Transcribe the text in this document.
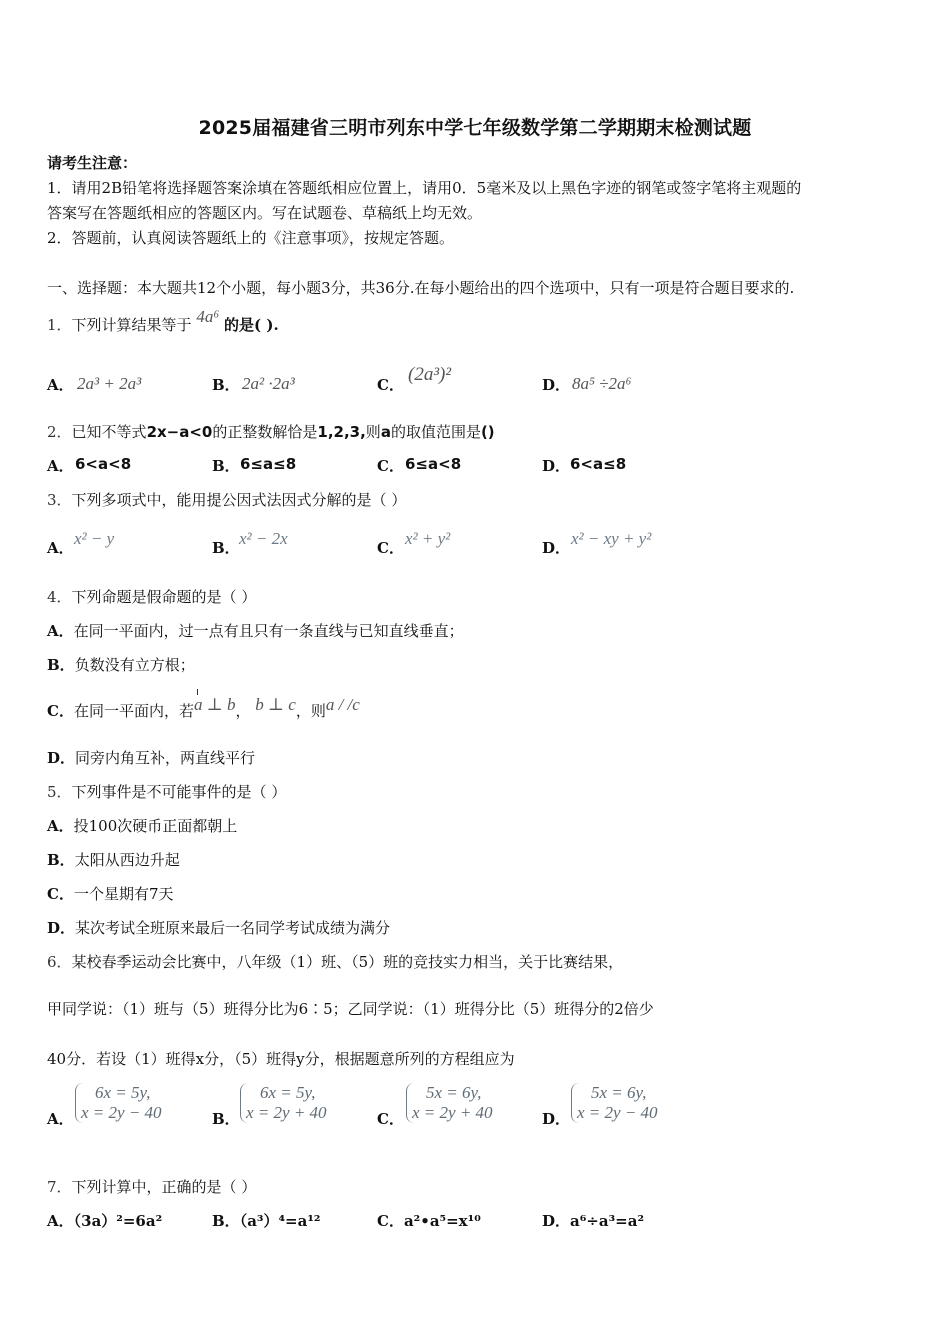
2025届福建省三明市列东中学七年级数学第二学期期末检测试题
请考生注意：
1．请用2B铅笔将选择题答案涂填在答题纸相应位置上，请用0．5毫米及以上黑色字迹的钢笔或签字笔将主观题的
答案写在答题纸相应的答题区内。写在试题卷、草稿纸上均无效。
2．答题前，认真阅读答题纸上的《注意事项》，按规定答题。
一、选择题：本大题共12个小题，每小题3分，共36分.在每小题给出的四个选项中，只有一项是符合题目要求的.
1．下列计算结果等于 4a⁶ 的是( ).
A． 2a³ + 2a³	B． 2a² ·2a³	C． (2a³)²	D． 8a⁵ ÷2a⁶
2．已知不等式2x−a<0的正整数解恰是1,2,3,则a的取值范围是()
A． 6<a<8	B． 6≤a≤8	C． 6≤a<8	D． 6<a≤8
3．下列多项式中，能用提公因式法因式分解的是（ ）
A． x² − y	B． x² − 2x	C． x² + y²	D． x² − xy + y²
4．下列命题是假命题的是（ ）
A．在同一平面内，过一点有且只有一条直线与已知直线垂直；
B．负数没有立方根；
C．在同一平面内，若a ⊥ b， b ⊥ c，则a / /c
D．同旁内角互补，两直线平行
5．下列事件是不可能事件的是（ ）
A．投100次硬币正面都朝上
B．太阳从西边升起
C．一个星期有7天
D．某次考试全班原来最后一名同学考试成绩为满分
6．某校春季运动会比赛中，八年级（1）班、（5）班的竞技实力相当，关于比赛结果，
甲同学说：（1）班与（5）班得分比为6∶5；乙同学说：（1）班得分比（5）班得分的2倍少
40分．若设（1）班得x分，（5）班得y分，根据题意所列的方程组应为
A．
6x = 5y,
x = 2y − 40	B．
6x = 5y,
x = 2y + 40	C．
5x = 6y,
x = 2y + 40	D．
5x = 6y,
x = 2y − 40
7．下列计算中，正确的是（ ）
A．（3a）²=6a²	B．（a³）⁴=a¹²	C．a²•a⁵=x¹⁰	D．a⁶÷a³=a²
